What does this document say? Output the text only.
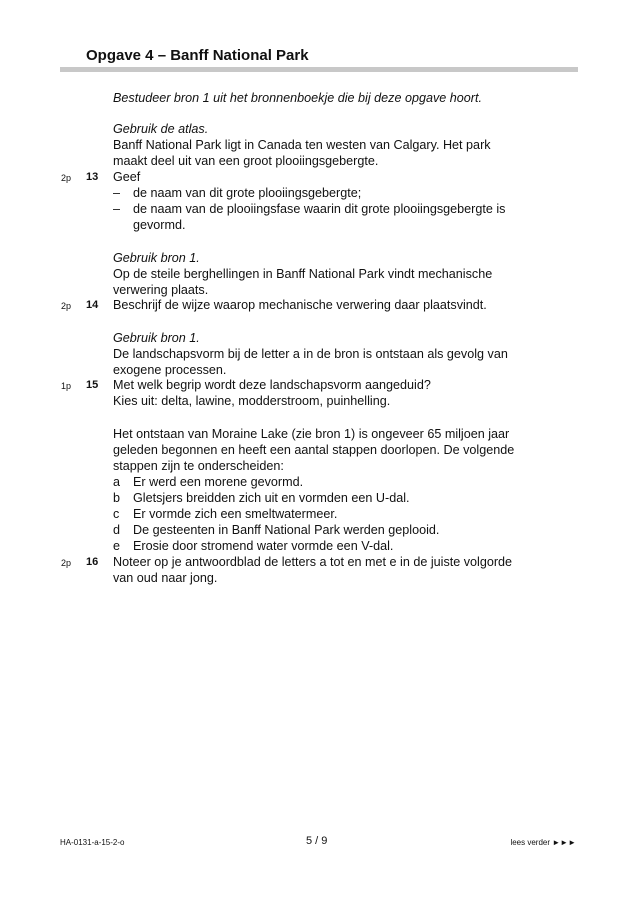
Opgave 4 – Banff National Park
Bestudeer bron 1 uit het bronnenboekje die bij deze opgave hoort.
Gebruik de atlas.
Banff National Park ligt in Canada ten westen van Calgary. Het park
maakt deel uit van een groot plooiingsgebergte.
2p 13 Geef
– de naam van dit grote plooiingsgebergte;
– de naam van de plooiingsfase waarin dit grote plooiingsgebergte is
gevormd.
Gebruik bron 1.
Op de steile berghellingen in Banff National Park vindt mechanische
verwering plaats.
2p 14 Beschrijf de wijze waarop mechanische verwering daar plaatsvindt.
Gebruik bron 1.
De landschapsvorm bij de letter a in de bron is ontstaan als gevolg van
exogene processen.
1p 15 Met welk begrip wordt deze landschapsvorm aangeduid?
Kies uit: delta, lawine, modderstroom, puinhelling.
Het ontstaan van Moraine Lake (zie bron 1) is ongeveer 65 miljoen jaar
geleden begonnen en heeft een aantal stappen doorlopen. De volgende
stappen zijn te onderscheiden:
a Er werd een morene gevormd.
b Gletsjers breidden zich uit en vormden een U-dal.
c Er vormde zich een smeltwatermeer.
d De gesteenten in Banff National Park werden geplooid.
e Erosie door stromend water vormde een V-dal.
2p 16 Noteer op je antwoordblad de letters a tot en met e in de juiste volgorde
van oud naar jong.
HA-0131-a-15-2-o	5 / 9	lees verder ►►►
